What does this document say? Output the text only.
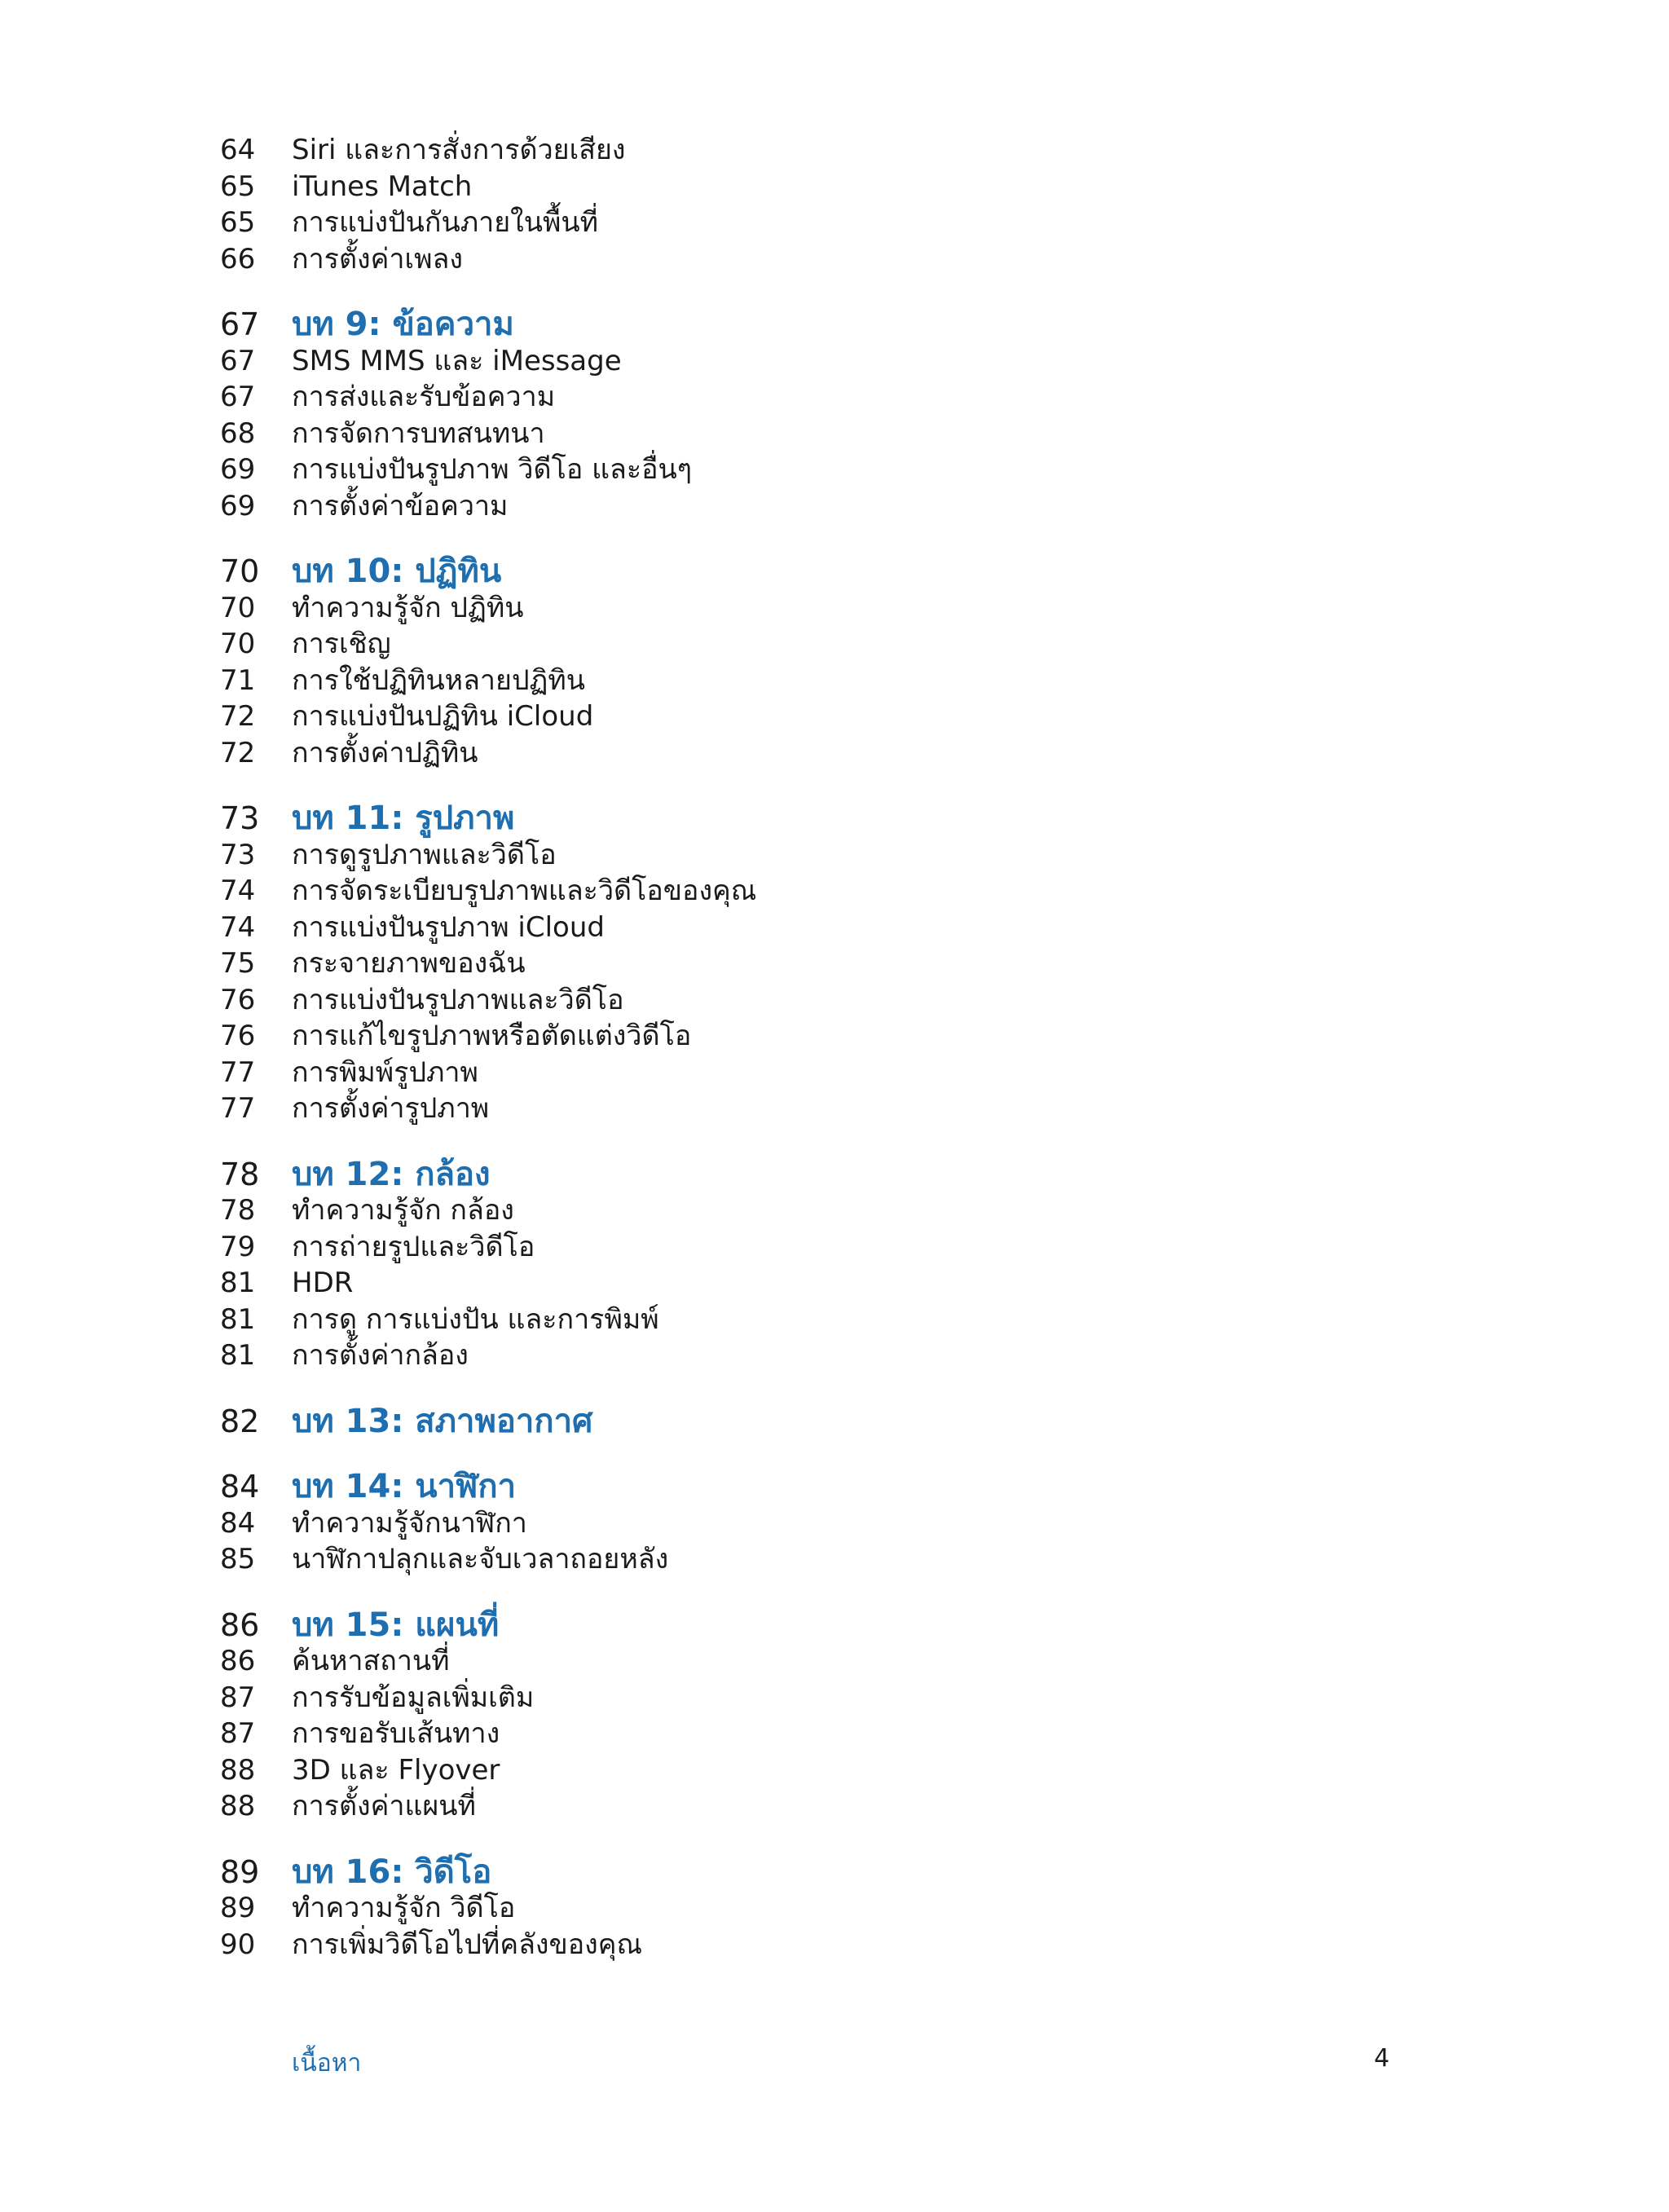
64	Siri และการสั่งการด้วยเสียง
65	iTunes Match
65	การแบ่งปันกันภายในพื้นที่
66	การตั้งค่าเพลง
67 บท 9: ข้อความ
67	SMS MMS และ iMessage
67	การส่งและรับข้อความ
68	การจัดการบทสนทนา
69	การแบ่งปันรูปภาพ วิดีโอ และอื่นๆ
69	การตั้งค่าข้อความ
70 บท 10: ปฏิทิน
70	ทำความรู้จัก ปฏิทิน
70	การเชิญ
71	การใช้ปฏิทินหลายปฏิทิน
72	การแบ่งปันปฏิทิน iCloud
72	การตั้งค่าปฏิทิน
73 บท 11: รูปภาพ
73	การดูรูปภาพและวิดีโอ
74	การจัดระเบียบรูปภาพและวิดีโอของคุณ
74	การแบ่งปันรูปภาพ iCloud
75	กระจายภาพของฉัน
76	การแบ่งปันรูปภาพและวิดีโอ
76	การแก้ไขรูปภาพหรือตัดแต่งวิดีโอ
77	การพิมพ์รูปภาพ
77	การตั้งค่ารูปภาพ
78 บท 12: กล้อง
78	ทำความรู้จัก กล้อง
79	การถ่ายรูปและวิดีโอ
81	HDR
81	การดู การแบ่งปัน และการพิมพ์
81	การตั้งค่ากล้อง
82 บท 13: สภาพอากาศ
84 บท 14: นาฬิกา
84	ทำความรู้จักนาฬิกา
85	นาฬิกาปลุกและจับเวลาถอยหลัง
86 บท 15: แผนที่
86	ค้นหาสถานที่
87	การรับข้อมูลเพิ่มเติม
87	การขอรับเส้นทาง
88	3D และ Flyover
88	การตั้งค่าแผนที่
89 บท 16: วิดีโอ
89	ทำความรู้จัก วิดีโอ
90	การเพิ่มวิดีโอไปที่คลังของคุณ
เนื้อหา	4
